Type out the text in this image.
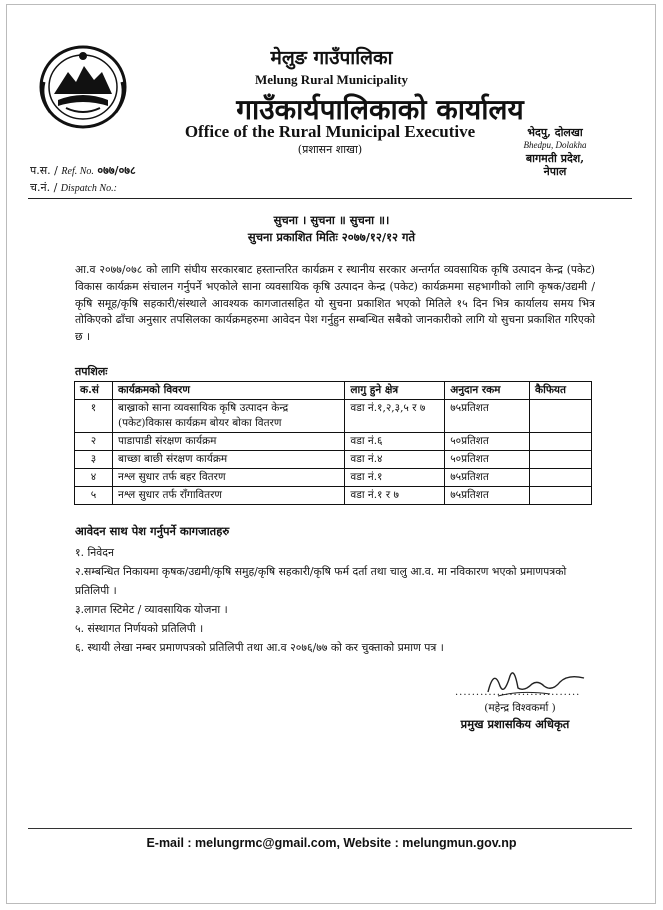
मेलुङ गाउँपालिका
Melung Rural Municipality
गाउँकार्यपालिकाको कार्यालय
Office of the Rural Municipal Executive
(प्रशासन शाखा)
भेदपु, दोलखा
Bhedpu, Dolakha
बागमती प्रदेश,
नेपाल
प.स. / Ref. No. ०७७/०७८
च.नं. / Dispatch No.:
सुचना । सुचना ॥ सुचना ॥।
सुचना प्रकाशित मितिः २०७७/१२/१२ गते
आ.व २०७७/०७८ को लागि संघीय सरकारबाट हस्तान्तरित कार्यक्रम र स्थानीय सरकार अन्तर्गत व्यवसायिक कृषि उत्पादन केन्द्र (पकेट) विकास कार्यक्रम संचालन गर्नुपर्ने भएकोले साना व्यवसायिक कृषि उत्पादन केन्द्र (पकेट) कार्यक्रममा सहभागीको लागि कृषक/उद्यमी /कृषि समूह/कृषि सहकारी/संस्थाले आवश्यक कागजातसहित यो सुचना प्रकाशित भएको मितिले १५ दिन भित्र कार्यालय समय भित्र तोकिएको ढाँचा अनुसार तपसिलका कार्यक्रमहरुमा आवेदन पेश गर्नुहुन सम्बन्धित सबैको जानकारीको लागि यो सुचना प्रकाशित गरिएको छ ।
तपशिलः
क.सं	कार्यक्रमको विवरण	लागु हुने क्षेत्र	अनुदान रकम	कैफियत
१	बाख्राको साना व्यवसायिक कृषि उत्पादन केन्द्र (पकेट)विकास कार्यक्रम बोयर बोका वितरण	वडा नं.१,२,३,५ र ७	७५प्रतिशत	
२	पाडापाडी संरक्षण कार्यक्रम	वडा नं.६	५०प्रतिशत	
३	बाच्छा बाछी संरक्षण कार्यक्रम	वडा नं.४	५०प्रतिशत	
४	नश्ल सुधार तर्फ बहर वितरण	वडा नं.१	७५प्रतिशत	
५	नश्ल सुधार तर्फ राँगावितरण	वडा नं.१ र ७	७५प्रतिशत	
आवेदन साथ पेश गर्नुपर्ने कागजातहरु
१. निवेदन
२.सम्बन्धित निकायमा कृषक/उद्यमी/कृषि समुह/कृषि सहकारी/कृषि फर्म दर्ता तथा चालु आ.व. मा नविकारण भएको प्रमाणपत्रको प्रतिलिपी ।
३.लागत स्टिमेट / व्यावसायिक योजना ।
५. संस्थागत निर्णयको प्रतिलिपी ।
६. स्थायी लेखा नम्बर प्रमाणपत्रको प्रतिलिपी तथा आ.व २०७६/७७ को कर चुक्ताको प्रमाण पत्र ।
..............................
(महेन्द्र विश्वकर्मा )
प्रमुख प्रशासकिय अधिकृत
E-mail : melungrmc@gmail.com, Website : melungmun.gov.np
